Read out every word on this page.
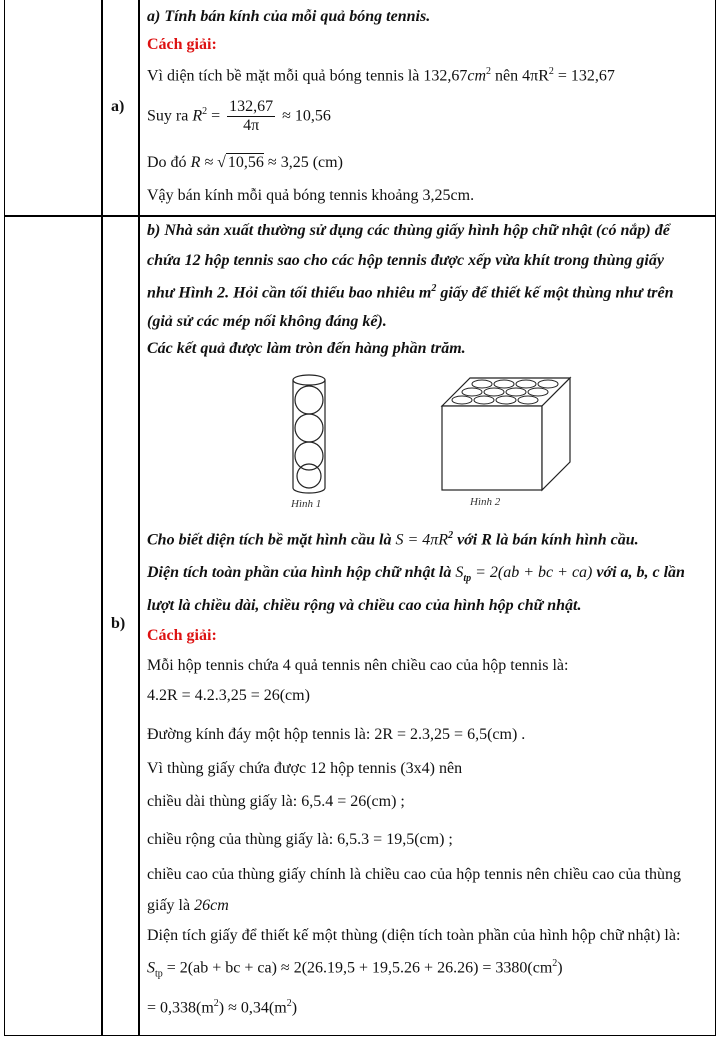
a)
a) Tính bán kính của mỗi quả bóng tennis.
Cách giải:
Vì diện tích bề mặt mỗi quả bóng tennis là $132,67cm^2$ nên $4\pi R^2 = 132,67$
Suy ra $R^2 = \frac{132,67}{4\pi} \approx 10,56$
Do đó R ≈ √ 10,56 ≈ 3,25 (cm)
Vậy bán kính mỗi quả bóng tennis khoảng 3,25cm.
b)
b) Nhà sản xuất thường sử dụng các thùng giấy hình hộp chữ nhật (có nắp) để
chứa 12 hộp tennis sao cho các hộp tennis được xếp vừa khít trong thùng giấy
như Hình 2. Hỏi cần tối thiểu bao nhiêu $m^2$ giấy để thiết kế một thùng như trên
(giả sử các mép nối không đáng kể).
Các kết quả được làm tròn đến hàng phần trăm.
Hình 1	Hình 2
Cho biết diện tích bề mặt hình cầu là $S = 4\pi R^2$ với R là bán kính hình cầu.
Diện tích toàn phần của hình hộp chữ nhật là $S_{tp} = 2(ab$ + bc + ca) với a, b, c lần
lượt là chiều dài, chiều rộng và chiều cao của hình hộp chữ nhật.
Cách giải:
Mỗi hộp tennis chứa 4 quả tennis nên chiều cao của hộp tennis là:
4.2R = 4.2.3,25 = 26(cm)
Đường kính đáy một hộp tennis là: 2R = 2.3,25 = 6,5(cm) .
Vì thùng giấy chứa được 12 hộp tennis (3x4) nên
chiều dài thùng giấy là: 6,5.4 = 26(cm) ;
chiều rộng của thùng giấy là: 6,5.3 = 19,5(cm) ;
chiều cao của thùng giấy chính là chiều cao của hộp tennis nên chiều cao của thùng
giấy là 26cm
Diện tích giấy để thiết kế một thùng (diện tích toàn phần của hình hộp chữ nhật) là:
$S_{tp} = 2(ab$ + bc + $ca) \approx 2(26.19,5 + 19,5.26 + 26.26) = 3380(cm^2)$
= $0,338(m^2) \approx 0,34(m^2)$
